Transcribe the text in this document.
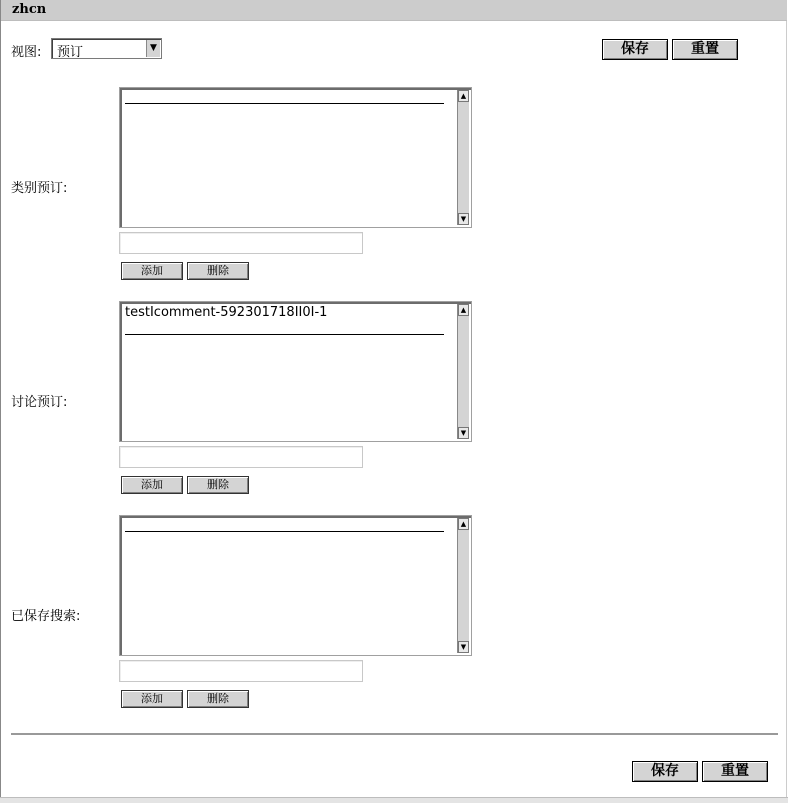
zhcn
视图: 预订	▼	保存	重置
类别预订:
▲
▼
添加	删除
讨论预订:
testIcomment-592301718II0I-1	▲
▼
添加	删除
已保存搜索:
▲
▼
添加	删除
保存	重置
